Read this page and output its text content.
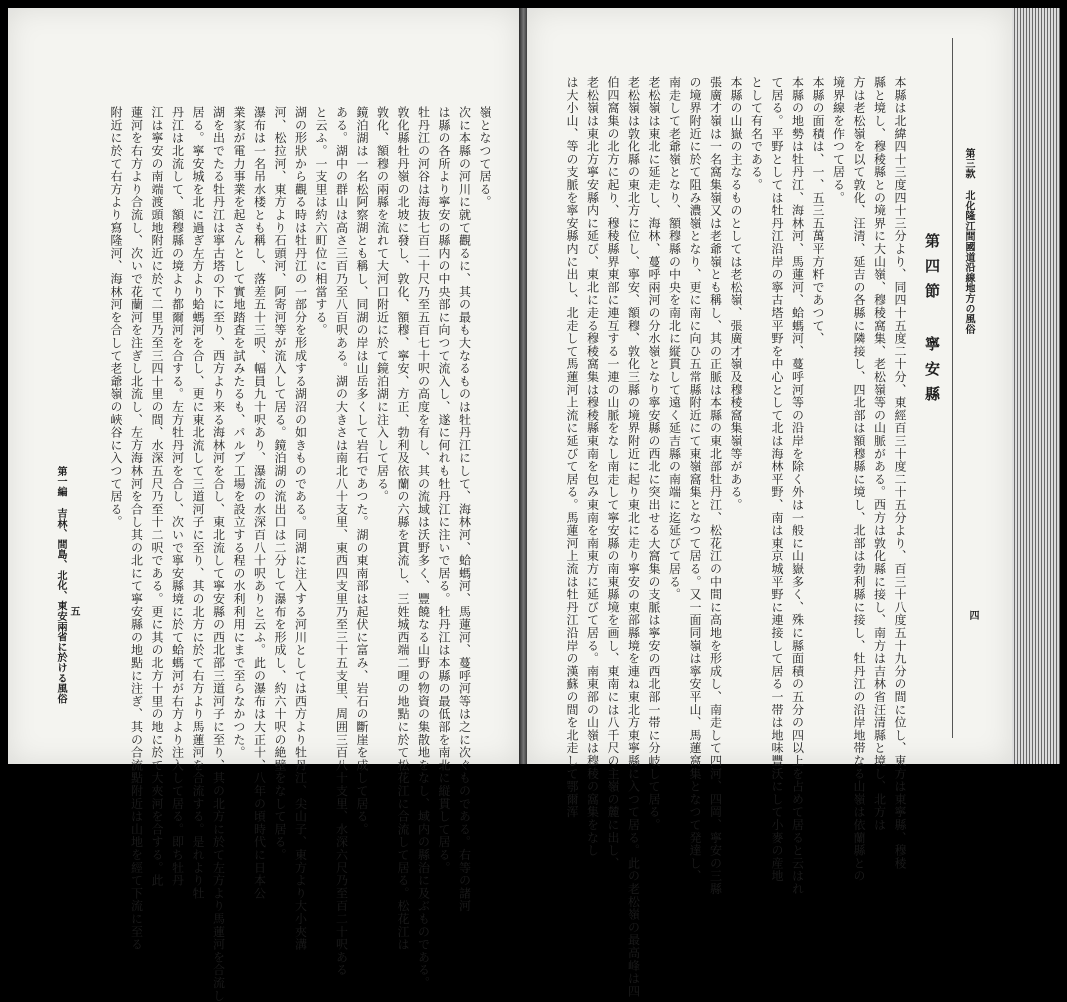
第一編 吉林、間島、北化、東安兩省に於ける風俗 五
嶺となつて居る。
次に本縣の河川に就て觀るに、其の最も大なるものは牡丹江にして、海林河、蛤螞河、馬蓮河、蔓呼河等は之に次ぐものである。右等の諸河
は縣の各所より寧安の縣内の中央部に向つて流入し、遂に何れも牡丹江に注いで居る。牡丹江は本縣の最低部を南北に縦貫して居る。
牡丹江の河谷は海抜七百二十尺乃至五百七十呎の高度を有し、其の流域は沃野多く、豐饒なる山野の物資の集散地をなし、域内の縣治に及ぶものである。
敦化縣牡丹嶺の北坡に發し、敦化、額穆、寧安、方正、勃利及依蘭の六縣を貫流し、三姓城西端二哩の地點に於て松花江に合流して居る。松花江は
敦化、額穆の兩縣を流れて大河口附近に於て鏡泊湖に注入して居る。
鏡泊湖は一名松阿察湖とも稱し、同湖の岸は山岳多くして岩石であつた。湖の東南部は起伏に富み、岩石の斷崖を成して居る。
ある。湖中の群山は高さ三百乃至八百呎ある。湖の大きさは南北八十支里、東西四支里乃至三十五支里、周囲三百八十支里、水深六尺乃至百二十呎ある
と云ふ。一支里は約六町位に相當する。
湖の形狀から觀る時は牡丹江の一部分を形成する湖沼の如きものである。同湖に注入する河川としては西方より牡丹江、尖山子、東方より大小夾溝
河、松拉河、東方より石頭河、阿寄河等が流入して居る。鏡泊湖の流出口は二分して瀑布を形成し、約六十呎の絶壁をなして居る。
瀑布は一名吊水楼とも稱し、落差五十三呎、幅員九十呎あり、瀑流の水深百八十呎ありと云ふ。此の瀑布は大正十、八年の頃時代に日本公
業家が電力事業を起さんとして實地踏査を試みたるも、パルプ工場を設立する程の水利利用にまで至らなかつた。
湖を出でたる牡丹江は寧古塔の下に至り、西方より来る海林河を合し、東北流して寧安縣の西北部三道河子に至り、其の北方に於て左方より馬蓮河を合流し
居る。寧安城を北に過ぎ左方より蛤螞河を合し、更に東北流して三道河子に至り、其の北方に於て右方より馬蓮河を合流する。是れより牡
丹江は北流して、額穆縣の境より都爾河を合する。左方牡丹河を合し、次いで寧安縣境に於て蛤螞河が右方より注入して居る。即ち牡丹
江は寧安の南端渡頭地附近に於て二里乃至三四十里の間、水深五尺乃至十二呎である。更に其の北方十里の地に於て大夾河を合する。此
蓮河を右方より合流し、次いで花蘭河を注ぎし北流し、左方海林河を合し其の北にて寧安縣の地點に注ぎ、其の合流點附近は山地を經て下流に至る
附近に於て右方より寫隆河、海林河を合して老爺嶺の峽谷に入つて居る。	第三款 北化隆江間國道沿線地方の風俗
四
第四節 寧安縣
本縣は北緯四十三度四十三分より、同四十五度二十分、東經百三十度二十五分より、百三十八度五十九分の間に位し、東方は東寧縣、穆稜
縣と境し、穆稜縣との境界に大山嶺、穆稜窩集、老松嶺等の山脈がある。西方は敦化縣に接し、南方は吉林省汪清縣と境し、北方は
方は老松嶺を以て敦化、汪清、延吉の各縣に隣接し、四北部は額穆縣に境し、北部は勃利縣に接し、牡丹江の沿岸地帯なる山嶺は依蘭縣との
境界線を作つて居る。
本縣の面積は、一、五三五萬平方粁であつて、
本縣の地勢は牡丹江、海林河、馬蓮河、蛤螞河、蔓呼河等の沿岸を除く外は一般に山嶽多く、殊に縣面積の五分の四以上を占めて居ると云はれ
て居る。平野としては牡丹江沿岸の寧古塔平野を中心として北は海林平野、南は東京城平野に連接して居る一帯は地味豐沃にして小麥の産地
として有名である。
本縣の山嶽の主なるものとしては老松嶺、張廣才嶺及穆稜窩集嶺等がある。
張廣才嶺は一名窩集嶺又は老爺嶺とも稱し、其の正脈は本縣の東北部牡丹江、松花江の中間に高地を形成し、南走して四河、四岡、寧安の三縣
の境界附近に於て阻み濃嶺となり、更に南に向ひ五常縣附近にて東嶺窩集となつて居る。又一面同嶺は寧安平山、馬蓮窩集となつて発達し、
南走して老爺嶺となり、額穆縣の中央を南北に縦貫して遠く延吉縣の南端に迄延びて居る。
老松嶺は東北に延走し、海林、蔓呼兩河の分水嶺となり寧安縣の西北に突出せる大窩集の支脈は寧安の西北部一帯に分岐して居る。
老松嶺は敦化縣の東北方に位し、寧安、額穆、敦化三縣の境界附近に起り東北に走り寧安の東部縣境を連ね東北方東寧縣に入つて居る。此の老松嶺の最高峰は四
伯四窩集の北方に起り、穆稜縣界東部に連互する一連の山脈をなし南走して寧安縣の南東縣境を画し、東南には八千尺の主嶺の麓に出し、
老松嶺は東北方寧安縣内に延び、東北に走る穆稜窩集は穆稜縣東南を包み東南を南東方に延びて居る。南東部の山嶺は穆稜の窩集をなし
は大小山、等の支脈を寧安縣内に出し、北走して馬蓮河上流に延びて居る。馬蓮河上流は牡丹江沿岸の漢蘇の間を北走して鄂爾浑
